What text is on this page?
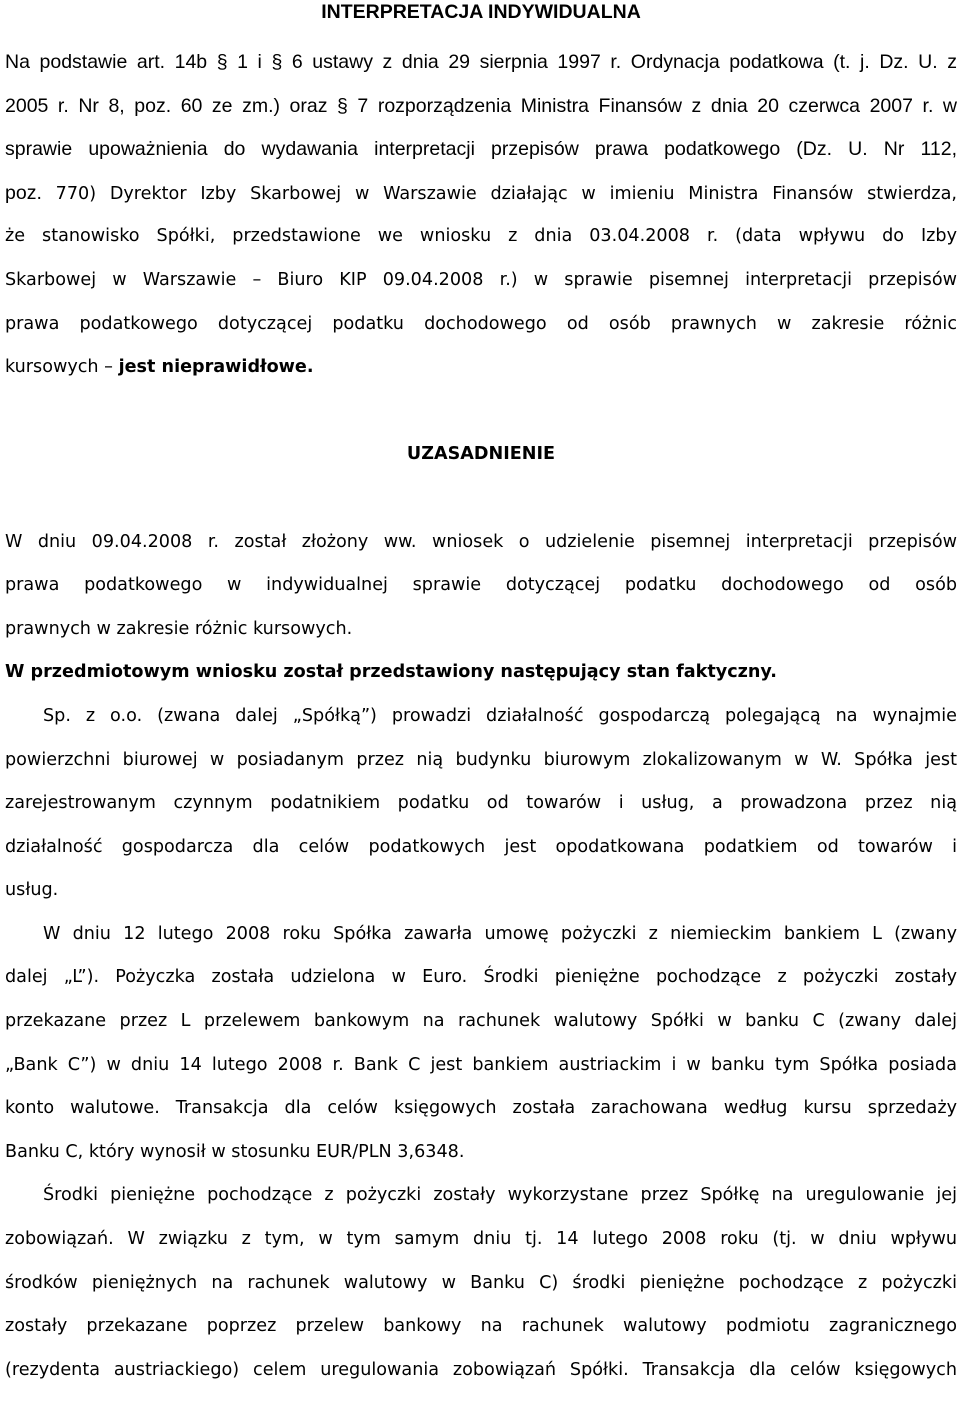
INTERPRETACJA INDYWIDUALNA
Na podstawie art. 14b § 1 i § 6 ustawy z dnia 29 sierpnia 1997 r. Ordynacja podatkowa (t. j. Dz. U. z
2005 r. Nr 8, poz. 60 ze zm.) oraz § 7 rozporządzenia Ministra Finansów z dnia 20 czerwca 2007 r. w
sprawie upoważnienia do wydawania interpretacji przepisów prawa podatkowego (Dz. U. Nr 112,
poz. 770) Dyrektor Izby Skarbowej w Warszawie działając w imieniu Ministra Finansów stwierdza,
że stanowisko Spółki, przedstawione we wniosku z dnia 03.04.2008 r. (data wpływu do Izby
Skarbowej w Warszawie – Biuro KIP 09.04.2008 r.) w sprawie pisemnej interpretacji przepisów
prawa podatkowego dotyczącej podatku dochodowego od osób prawnych w zakresie różnic
kursowych – jest nieprawidłowe.
UZASADNIENIE
W dniu 09.04.2008 r. został złożony ww. wniosek o udzielenie pisemnej interpretacji przepisów
prawa podatkowego w indywidualnej sprawie dotyczącej podatku dochodowego od osób
prawnych w zakresie różnic kursowych.
W przedmiotowym wniosku został przedstawiony następujący stan faktyczny.
Sp. z o.o. (zwana dalej „Spółką”) prowadzi działalność gospodarczą polegającą na wynajmie
powierzchni biurowej w posiadanym przez nią budynku biurowym zlokalizowanym w W. Spółka jest
zarejestrowanym czynnym podatnikiem podatku od towarów i usług, a prowadzona przez nią
działalność gospodarcza dla celów podatkowych jest opodatkowana podatkiem od towarów i
usług.
W dniu 12 lutego 2008 roku Spółka zawarła umowę pożyczki z niemieckim bankiem L (zwany
dalej „L”). Pożyczka została udzielona w Euro. Środki pieniężne pochodzące z pożyczki zostały
przekazane przez L przelewem bankowym na rachunek walutowy Spółki w banku C (zwany dalej
„Bank C”) w dniu 14 lutego 2008 r. Bank C jest bankiem austriackim i w banku tym Spółka posiada
konto walutowe. Transakcja dla celów księgowych została zarachowana według kursu sprzedaży
Banku C, który wynosił w stosunku EUR/PLN 3,6348.
Środki pieniężne pochodzące z pożyczki zostały wykorzystane przez Spółkę na uregulowanie jej
zobowiązań. W związku z tym, w tym samym dniu tj. 14 lutego 2008 roku (tj. w dniu wpływu
środków pieniężnych na rachunek walutowy w Banku C) środki pieniężne pochodzące z pożyczki
zostały przekazane poprzez przelew bankowy na rachunek walutowy podmiotu zagranicznego
(rezydenta austriackiego) celem uregulowania zobowiązań Spółki. Transakcja dla celów księgowych
